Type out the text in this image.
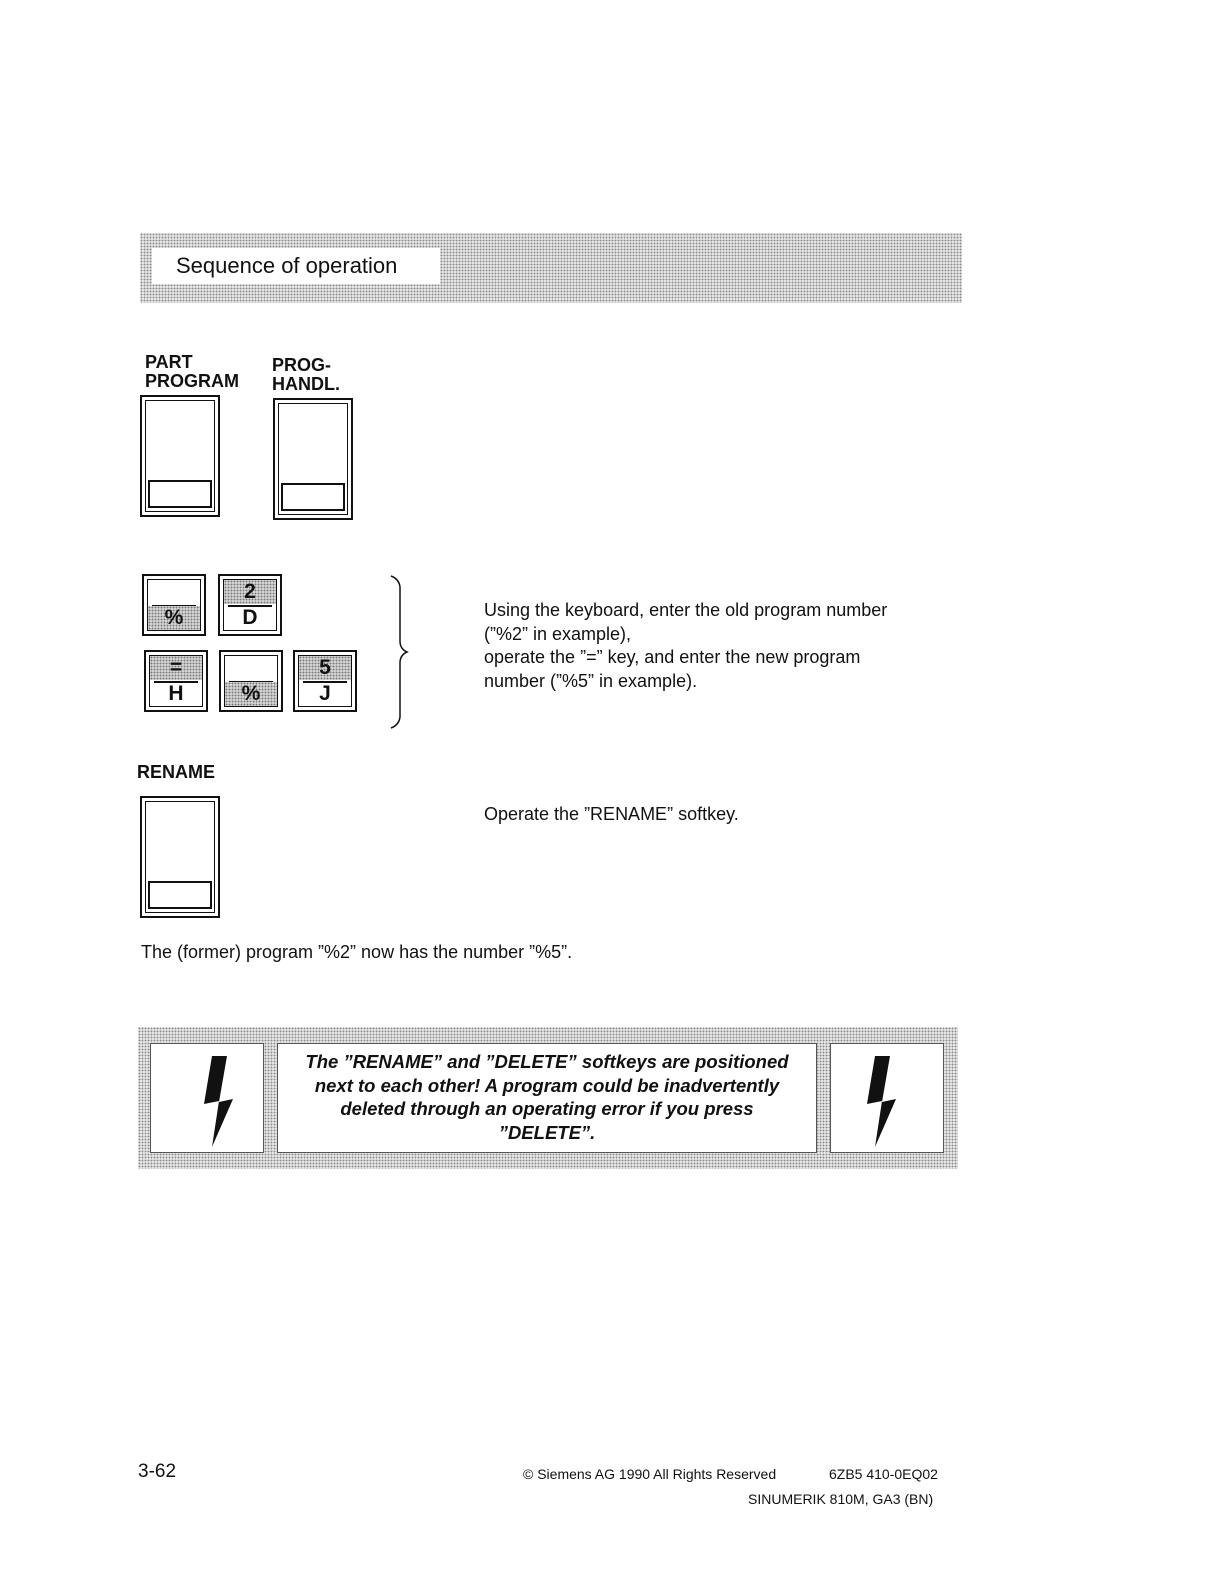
Sequence of operation
PART
PROGRAM
PROG-
HANDL.
%
2
D
=
H	%
5
J
Using the keyboard, enter the old program number
(”%2” in example),
operate the ”=” key, and enter the new program
number (”%5” in example).
RENAME
Operate the ”RENAME” softkey.
The (former) program ”%2” now has the number ”%5”.
The ”RENAME” and ”DELETE” softkeys are positioned
next to each other! A program could be inadvertently
deleted through an operating error if you press
”DELETE”.
3-62	© Siemens AG 1990 All Rights Reserved	6ZB5 410-0EQ02
SINUMERIK 810M, GA3 (BN)
